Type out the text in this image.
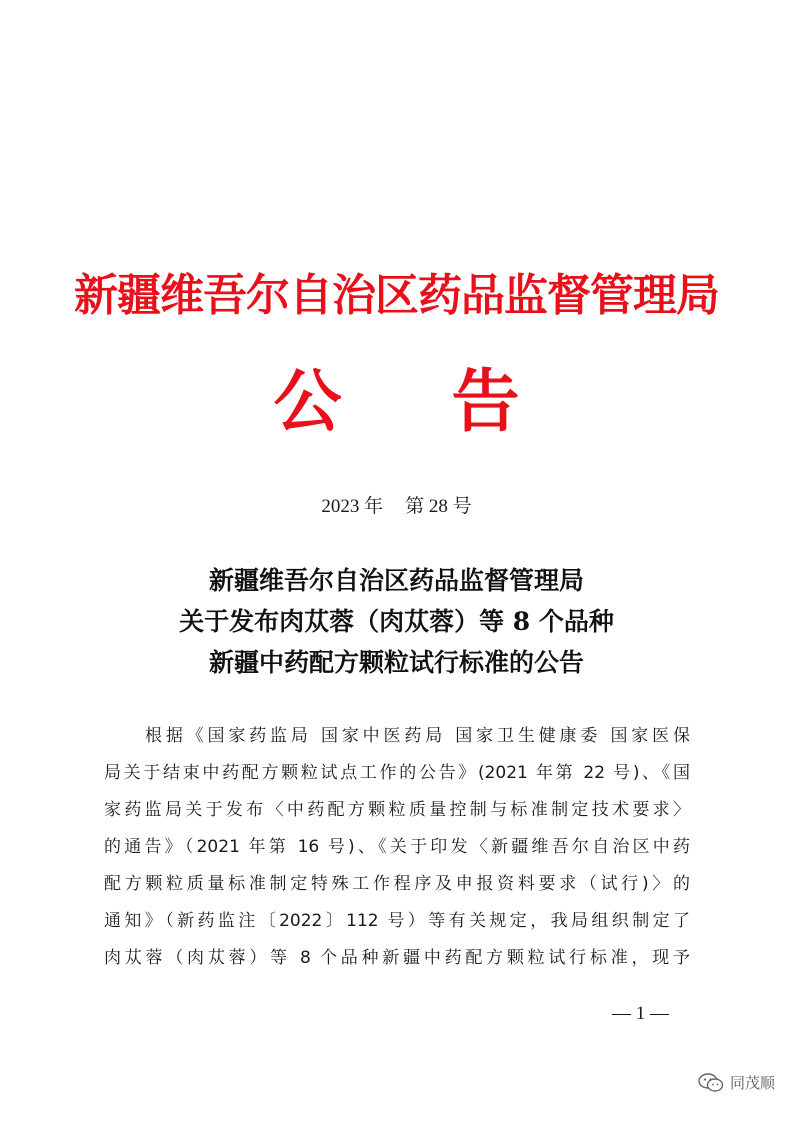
新疆维吾尔自治区药品监督管理局
公告
2023 年 第 28 号
新疆维吾尔自治区药品监督管理局
关于发布肉苁蓉（肉苁蓉）等 8 个品种
新疆中药配方颗粒试行标准的公告
根据《国家药监局 国家中医药局 国家卫生健康委 国家医保
局关于结束中药配方颗粒试点工作的公告》(2021 年第 22 号)、《国
家药监局关于发布〈中药配方颗粒质量控制与标准制定技术要求〉
的通告》（2021 年第 16 号)、《关于印发〈新疆维吾尔自治区中药
配方颗粒质量标准制定特殊工作程序及申报资料要求（试行)〉的
通知》（新药监注〔2022〕112 号）等有关规定，我局组织制定了
肉苁蓉（肉苁蓉）等 8 个品种新疆中药配方颗粒试行标准，现予
— 1 —
同茂顺
